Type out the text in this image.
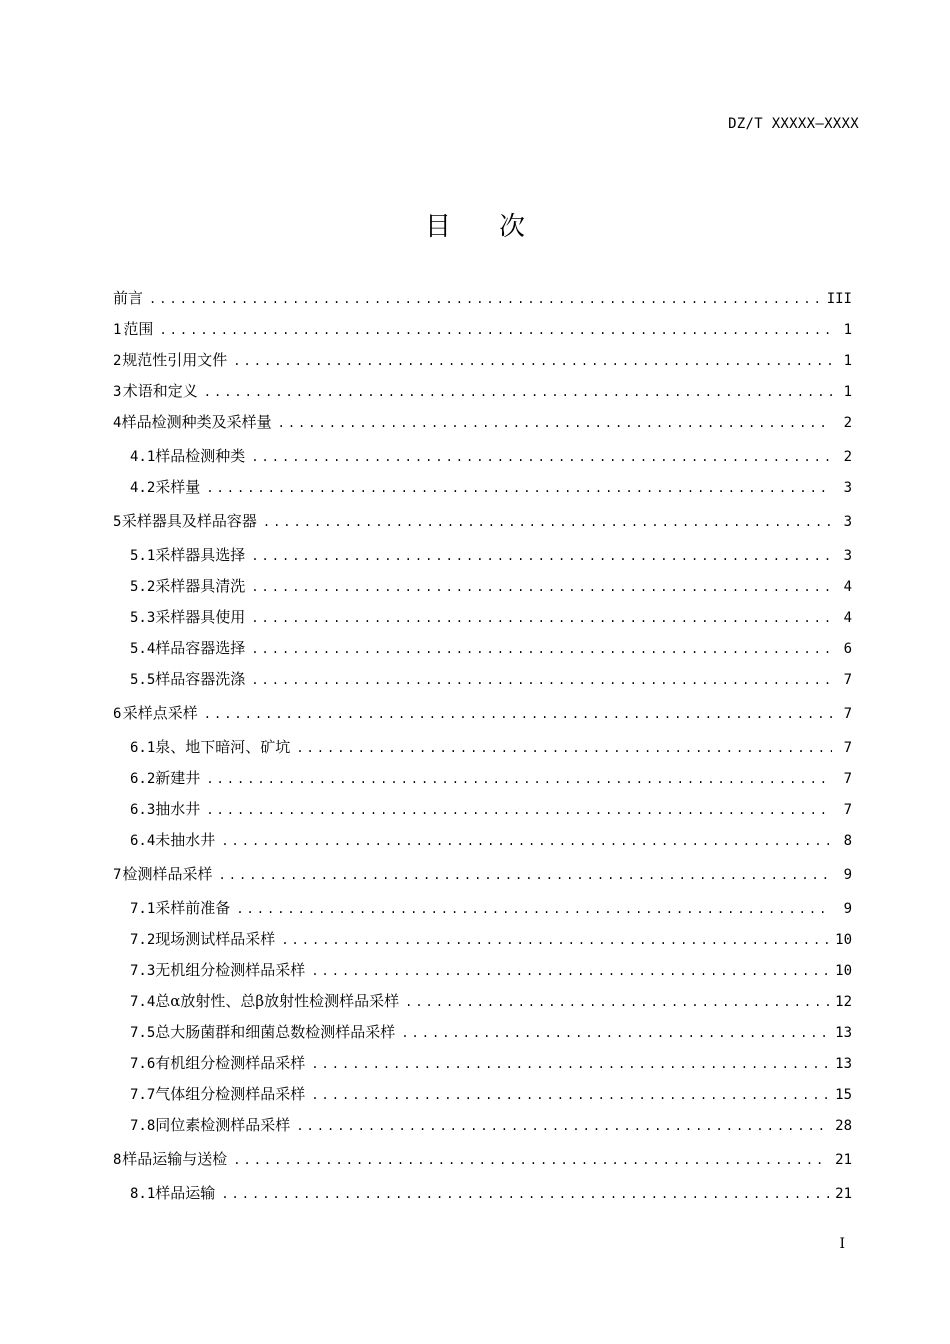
DZ/T XXXXX—XXXX
目次
前言 .....	III
1 范围 .....	1
2 规范性引用文件 .....	1
3 术语和定义 .....	1
4 样品检测种类及采样量 .....	2
4.1 样品检测种类 .....	2
4.2 采样量 .....	3
5 采样器具及样品容器 .....	3
5.1 采样器具选择 .....	3
5.2 采样器具清洗 .....	4
5.3 采样器具使用 .....	4
5.4 样品容器选择 .....	6
5.5 样品容器洗涤 .....	7
6 采样点采样 .....	7
6.1 泉、地下暗河、矿坑 .....	7
6.2 新建井 .....	7
6.3 抽水井 .....	7
6.4 未抽水井 .....	8
7 检测样品采样 .....	9
7.1 采样前准备 .....	9
7.2 现场测试样品采样 .....	10
7.3 无机组分检测样品采样 .....	10
7.4 总α放射性、总β放射性检测样品采样 .....	12
7.5 总大肠菌群和细菌总数检测样品采样 .....	13
7.6 有机组分检测样品采样 .....	13
7.7 气体组分检测样品采样 .....	15
7.8 同位素检测样品采样 .....	28
8 样品运输与送检 .....	21
8.1 样品运输 .....	21
I
